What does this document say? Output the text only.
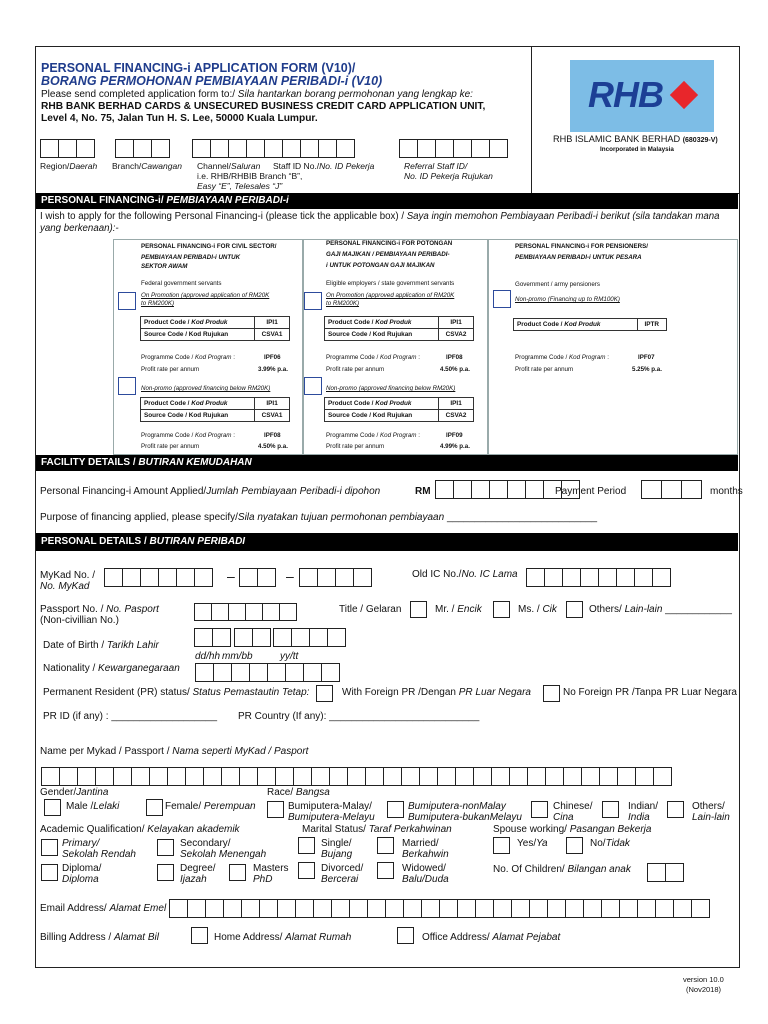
PERSONAL FINANCING-i APPLICATION FORM (V10)/
BORANG PERMOHONAN PEMBIAYAAN PERIBADI-i (V10)
Please send completed application form to:/ Sila hantarkan borang permohonan yang lengkap ke:
RHB BANK BERHAD CARDS & UNSECURED BUSINESS CREDIT CARD APPLICATION UNIT,
Level 4, No. 75, Jalan Tun H. S. Lee, 50000 Kuala Lumpur.
Region/Daerah Branch/Cawangan Channel/Saluran
i.e. RHB/RHBIB Branch “B”,
Easy “E”, Telesales “J”
Staff ID No./No. ID Pekerja	Referral Staff ID/
No. ID Pekerja Rujukan
RHB
RHB ISLAMIC BANK BERHAD (680329-V)
Incorporated in Malaysia
PERSONAL FINANCING-i/ PEMBIAYAAN PERIBADI-i
I wish to apply for the following Personal Financing-i (please tick the applicable box) / Saya ingin memohon Pembiayaan Peribadi-i berikut (sila tandakan mana
yang berkenaan):-
PERSONAL FINANCING-i FOR CIVIL SECTOR/
PEMBIAYAAN PERIBADI-i UNTUK
SEKTOR AWAM
Federal government servants
On Promotion (approved application of RM20K
to RM200K)
Product Code / Kod Produk	IPI1
Source Code / Kod Rujukan	CSVA1
Programme Code / Kod Program :	IPF06
Profit rate per annum	3.99% p.a.
Non-promo (approved financing below RM20K)
Product Code / Kod Produk	IPI1
Source Code / Kod Rujukan	CSVA1
Programme Code / Kod Program :	IPF08
Profit rate per annum	4.50% p.a.
PERSONAL FINANCING-i FOR POTONGAN
GAJI MAJIKAN / PEMBIAYAAN PERIBADI-
i UNTUK POTONGAN GAJI MAJIKAN
Eligible employers / state government servants
On Promotion (approved application of RM20K
to RM200K)
Product Code / Kod Produk	IPI1
Source Code / Kod Rujukan	CSVA2
Programme Code / Kod Program :	IPF08
Profit rate per annum	4.50% p.a.
Non-promo (approved financing below RM20K)
Product Code / Kod Produk	IPI1
Source Code / Kod Rujukan	CSVA2
Programme Code / Kod Program :	IPF09
Profit rate per annum	4.99% p.a.
PERSONAL FINANCING-i FOR PENSIONERS/
PEMBIAYAAN PERIBADI-i UNTUK PESARA
Government / army pensioners
Non-promo (Financing up to RM100K)
Product Code / Kod Produk	IPTR
Programme Code / Kod Program :	IPF07
Profit rate per annum	5.25% p.a.
FACILITY DETAILS / BUTIRAN KEMUDAHAN
Personal Financing-i Amount Applied/Jumlah Pembiayaan Peribadi-i dipohon	RM	Payment Period	months
Purpose of financing applied, please specify/Sila nyatakan tujuan permohonan pembiayaan ___________________________
PERSONAL DETAILS / BUTIRAN PERIBADI
MyKad No. /
No. MyKad
–	–	Old IC No./No. IC Lama
Passport No. / No. Pasport
(Non-civillian No.)
Title / Gelaran	Mr. / Encik	Ms. / Cik	Others/ Lain-lain ____________
Date of Birth / Tarikh Lahir
dd/hh mm/bb	yy/tt
Nationality / Kewarganegaraan
Permanent Resident (PR) status/ Status Pemastautin Tetap:	With Foreign PR /Dengan PR Luar Negara	No Foreign PR /Tanpa PR Luar Negara
PR ID (if any) : ___________________ PR Country (If any): ___________________________
Name per Mykad / Passport / Nama seperti MyKad / Pasport
Gender/Jantina
Male /Lelaki	Female/ Perempuan
Race/ Bangsa
Bumiputera-Malay/
Bumiputera-Melayu
Bumiputera-nonMalay
Bumiputera-bukanMelayu
Chinese/
Cina
Indian/
India
Others/
Lain-lain
Academic Qualification/ Kelayakan akademik
Primary/
Sekolah Rendah
Secondary/
Sekolah Menengah
Diploma/
Diploma
Degree/
Ijazah
Masters
PhD
Marital Status/ Taraf Perkahwinan
Single/
Bujang
Married/
Berkahwin
Divorced/
Bercerai
Widowed/
Balu/Duda
Spouse working/ Pasangan Bekerja
Yes/Ya	No/Tidak
No. Of Children/ Bilangan anak
Email Address/ Alamat Emel
Billing Address / Alamat Bil	Home Address/ Alamat Rumah	Office Address/ Alamat Pejabat
version 10.0
(Nov2018)
